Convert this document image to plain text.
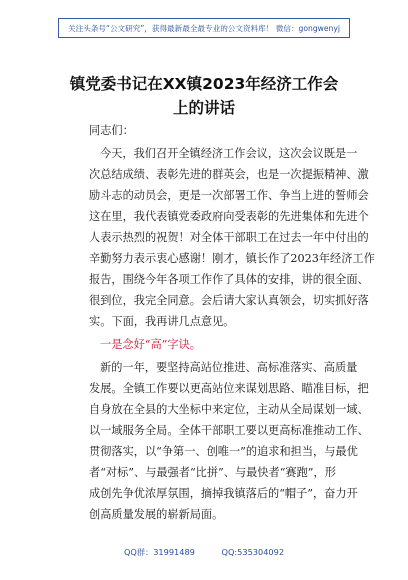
关注头条号“公文研究”，获得最新最全最专业的公文资料库！ 微信：gongwenyj
镇党委书记在XX镇2023年经济工作会
上的讲话
同志们：
今天，我们召开全镇经济工作会议，这次会议既是一
次总结成绩、表彰先进的群英会，也是一次提振精神、激
励斗志的动员会，更是一次部署工作、争当上进的誓师会
这在里，我代表镇党委政府向受表彰的先进集体和先进个
人表示热烈的祝贺！对全体干部职工在过去一年中付出的
辛勤努力表示衷心感谢！刚才，镇长作了2023年经济工作
报告，围绕今年各项工作作了具体的安排，讲的很全面、
很到位，我完全同意。会后请大家认真领会，切实抓好落
实。下面，我再讲几点意见。
一是念好“高”字诀。
新的一年，要坚持高站位推进、高标准落实、高质量
发展。全镇工作要以更高站位来谋划思路、瞄准目标，把
自身放在全县的大坐标中来定位，主动从全局谋划一域、
以一域服务全局。全体干部职工要以更高标准推动工作、
贯彻落实，以“争第一、创唯一”的追求和担当，与最优
者“对标”、与最强者“比拼”、与最快者“赛跑”，形
成创先争优浓厚氛围，摘掉我镇落后的“帽子”，奋力开
创高质量发展的崭新局面。
QQ群：31991489	QQ:535304092
